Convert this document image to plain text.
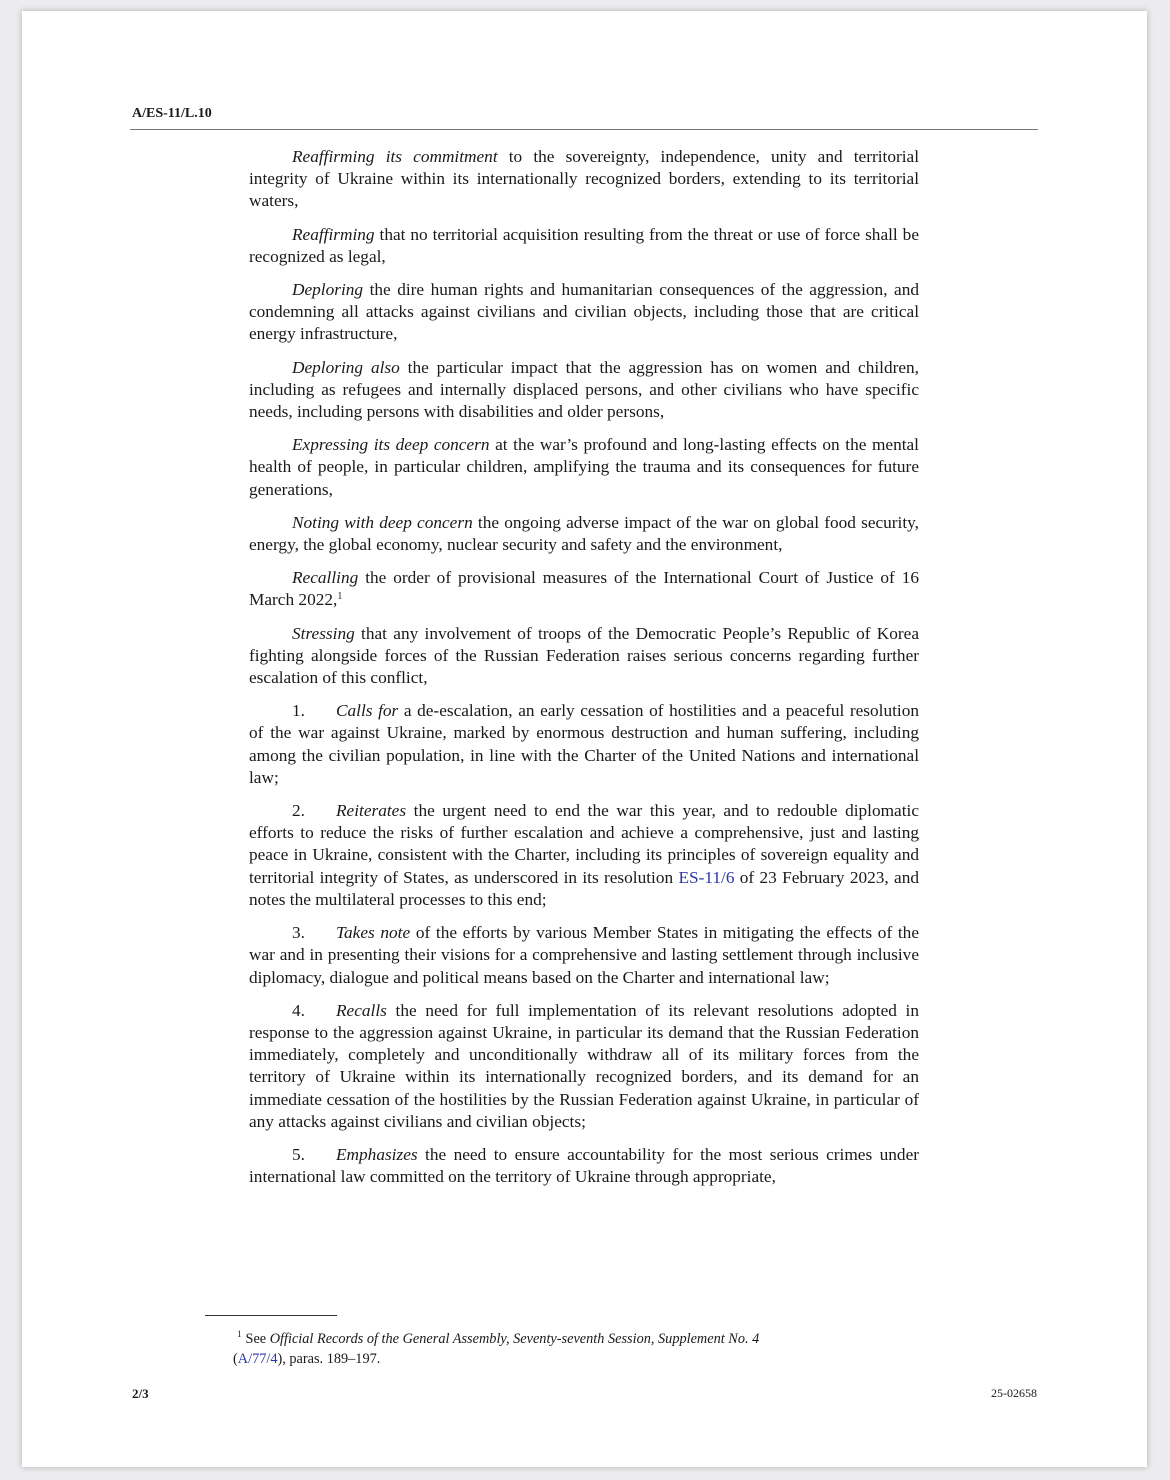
A/ES-11/L.10

Reaffirming its commitment to the sovereignty, independence, unity and territorial integrity of Ukraine within its internationally recognized borders, extending to its territorial waters,

Reaffirming that no territorial acquisition resulting from the threat or use of force shall be recognized as legal,

Deploring the dire human rights and humanitarian consequences of the aggression, and condemning all attacks against civilians and civilian objects, including those that are critical energy infrastructure,

Deploring also the particular impact that the aggression has on women and children, including as refugees and internally displaced persons, and other civilians who have specific needs, including persons with disabilities and older persons,

Expressing its deep concern at the war’s profound and long-lasting effects on the mental health of people, in particular children, amplifying the trauma and its consequences for future generations,

Noting with deep concern the ongoing adverse impact of the war on global food security, energy, the global economy, nuclear security and safety and the environment,

Recalling the order of provisional measures of the International Court of Justice of 16 March 2022,$^1$

Stressing that any involvement of troops of the Democratic People’s Republic of Korea fighting alongside forces of the Russian Federation raises serious concerns regarding further escalation of this conflict,

1. Calls for a de-escalation, an early cessation of hostilities and a peaceful resolution of the war against Ukraine, marked by enormous destruction and human suffering, including among the civilian population, in line with the Charter of the United Nations and international law;

2. Reiterates the urgent need to end the war this year, and to redouble diplomatic efforts to reduce the risks of further escalation and achieve a comprehensive, just and lasting peace in Ukraine, consistent with the Charter, including its principles of sovereign equality and territorial integrity of States, as underscored in its resolution ES-11/6 of 23 February 2023, and notes the multilateral processes to this end;

3. Takes note of the efforts by various Member States in mitigating the effects of the war and in presenting their visions for a comprehensive and lasting settlement through inclusive diplomacy, dialogue and political means based on the Charter and international law;

4. Recalls the need for full implementation of its relevant resolutions adopted in response to the aggression against Ukraine, in particular its demand that the Russian Federation immediately, completely and unconditionally withdraw all of its military forces from the territory of Ukraine within its internationally recognized borders, and its demand for an immediate cessation of the hostilities by the Russian Federation against Ukraine, in particular of any attacks against civilians and civilian objects;

5. Emphasizes the need to ensure accountability for the most serious crimes under international law committed on the territory of Ukraine through appropriate,

$^1$ See Official Records of the General Assembly, Seventy-seventh Session, Supplement No. 4
(A/77/4), paras. 189–197.
2/3	25-02658
